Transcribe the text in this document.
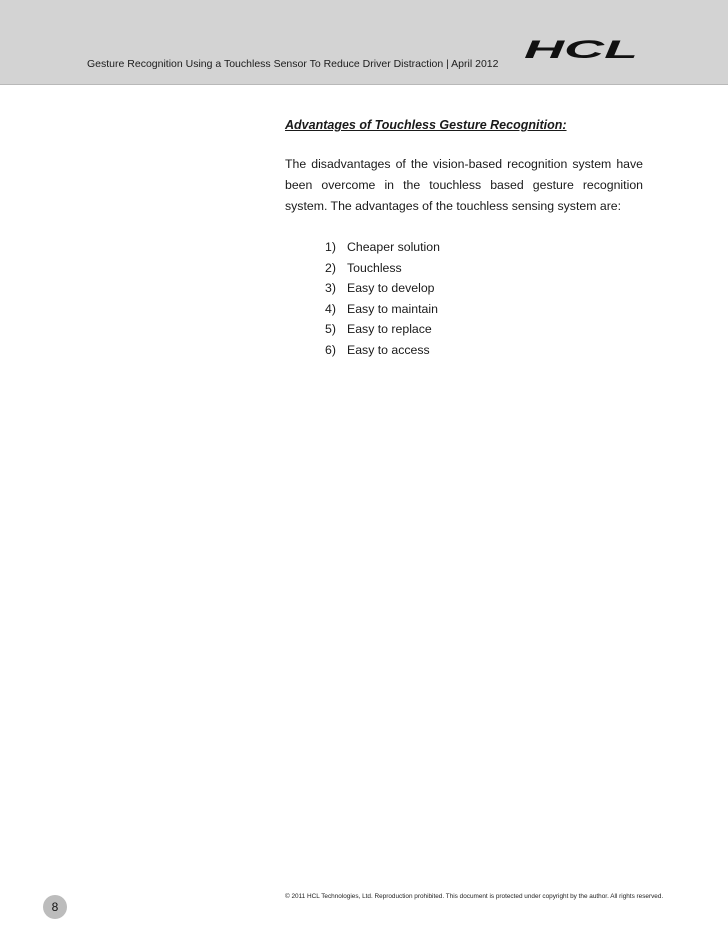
Gesture Recognition Using a Touchless Sensor To Reduce Driver Distraction | April 2012 HCL
Advantages of Touchless Gesture Recognition:

The disadvantages of the vision-based recognition system have been overcome in the touchless based gesture recognition system. The advantages of the touchless sensing system are:

1) Cheaper solution
2) Touchless
3) Easy to develop
4) Easy to maintain
5) Easy to replace
6) Easy to access
© 2011 HCL Technologies, Ltd. Reproduction prohibited. This document is protected under copyright by the author. All rights reserved.
8
